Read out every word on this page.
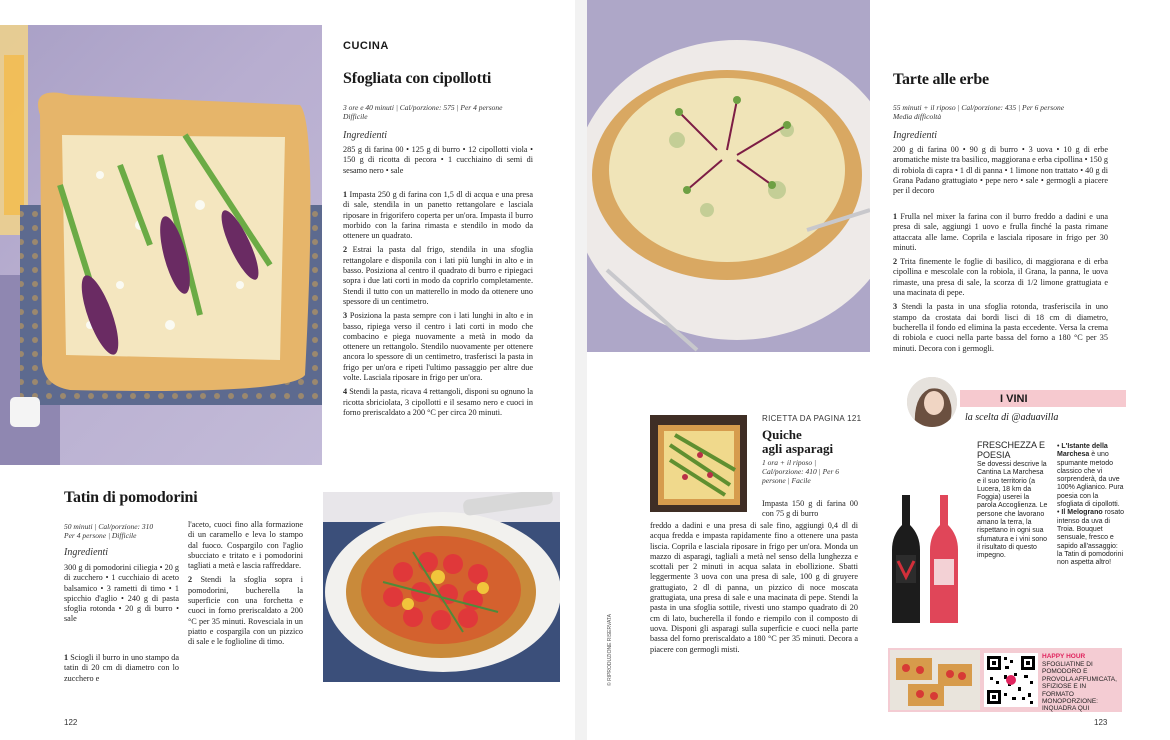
CUCINA
Sfogliata con cipollotti
3 ore e 40 minuti | Cal/porzione: 575 | Per 4 persone
Difficile
Ingredienti
285 g di farina 00 • 125 g di burro • 12 cipollotti viola • 150 g di ricotta di pecora • 1 cucchiaino di semi di sesamo nero • sale

1 Impasta 250 g di farina con 1,5 dl di acqua e una presa di sale, stendila in un panetto rettangolare e lasciala riposare in frigorifero coperta per un'ora. Impasta il burro morbido con la farina rimasta e stendilo in modo da ottenere un quadrato.

2 Estrai la pasta dal frigo, stendila in una sfoglia rettangolare e disponila con i lati più lunghi in alto e in basso. Posiziona al centro il quadrato di burro e ripiegaci sopra i due lati corti in modo da coprirlo completamente. Stendi il tutto con un matterello in modo da ottenere uno spessore di un centimetro.

3 Posiziona la pasta sempre con i lati lunghi in alto e in basso, ripiega verso il centro i lati corti in modo che combacino e piega nuovamente a metà in modo da ottenere un rettangolo. Stendilo nuovamente per ottenere ancora lo spessore di un centimetro, trasferisci la pasta in frigo per un'ora e ripeti l'ultimo passaggio per altre due volte. Lasciala riposare in frigo per un'ora.

4 Stendi la pasta, ricava 4 rettangoli, disponi su ognuno la ricotta sbriciolata, 3 cipollotti e il sesamo nero e cuoci in forno preriscaldato a 200 °C per circa 20 minuti.

Tatin di pomodorini
50 minuti | Cal/porzione: 310
Per 4 persone | Difficile
Ingredienti
300 g di pomodorini ciliegia • 20 g di zucchero • 1 cucchiaio di aceto balsamico • 3 rametti di timo • 1 spicchio d'aglio • 240 g di pasta sfoglia rotonda • 20 g di burro • sale
1 Sciogli il burro in uno stampo da tatin di 20 cm di diametro con lo zucchero e

l'aceto, cuoci fino alla formazione di un caramello e leva lo stampo dal fuoco. Cospargilo con l'aglio sbucciato e tritato e i pomodorini tagliati a metà e lascia raffreddare.

2 Stendi la sfoglia sopra i pomodorini, bucherella la superficie con una forchetta e cuoci in forno preriscaldato a 200 °C per 35 minuti. Rovesciala in un piatto e cospargila con un pizzico di sale e le foglioline di timo.

122
Tarte alle erbe
55 minuti + il riposo | Cal/porzione: 435 | Per 6 persone
Media difficoltà
Ingredienti
200 g di farina 00 • 90 g di burro • 3 uova • 10 g di erbe aromatiche miste tra basilico, maggiorana e erba cipollina • 150 g di robiola di capra • 1 dl di panna • 1 limone non trattato • 40 g di Grana Padano grattugiato • pepe nero • sale • germogli a piacere per il decoro

1 Frulla nel mixer la farina con il burro freddo a dadini e una presa di sale, aggiungi 1 uovo e frulla finché la pasta rimane attaccata alle lame. Coprila e lasciala riposare in frigo per 30 minuti.

2 Trita finemente le foglie di basilico, di maggiorana e di erba cipollina e mescolale con la robiola, il Grana, la panna, le uova rimaste, una presa di sale, la scorza di 1/2 limone grattugiata e una macinata di pepe.

3 Stendi la pasta in una sfoglia rotonda, trasferiscila in uno stampo da crostata dai bordi lisci di 18 cm di diametro, bucherella il fondo ed elimina la pasta eccedente. Versa la crema di robiola e cuoci nella parte bassa del forno a 180 °C per 35 minuti. Decora con i germogli.

RICETTA DA PAGINA 121
Quiche
agli asparagi
1 ora + il riposo | Cal/porzione: 410 | Per 6 persone | Facile
Impasta 150 g di farina 00 con 75 g di burro
freddo a dadini e una presa di sale fino, aggiungi 0,4 dl di acqua fredda e impasta rapidamente fino a ottenere una pasta liscia. Coprila e lasciala riposare in frigo per un'ora. Monda un mazzo di asparagi, tagliali a metà nel senso della lunghezza e scottali per 2 minuti in acqua salata in ebollizione. Sbatti leggermente 3 uova con una presa di sale, 100 g di gruyere grattugiato, 2 dl di panna, un pizzico di noce moscata grattugiata, una presa di sale e una macinata di pepe. Stendi la pasta in una sfoglia sottile, rivesti uno stampo quadrato di 20 cm di lato, bucherella il fondo e riempilo con il composto di uova. Disponi gli asparagi sulla superficie e cuoci nella parte bassa del forno preriscaldato a 180 °C per 35 minuti. Decora a piacere con germogli misti.
© RIPRODUZIONE RISERVATA
I VINI
la scelta di @aduavilla
FRESCHEZZA E POESIA
Se dovessi descrive la Cantina La Marchesa e il suo territorio (a Lucera, 18 km da Foggia) userei la parola Accoglienza. Le persone che lavorano amano la terra, la rispettano in ogni sua sfumatura e i vini sono il risultato di questo impegno.
• L'Istante della Marchesa è uno spumante metodo classico che vi sorprenderà, da uve 100% Aglianico. Pura poesia con la sfogliata di cipollotti.
• Il Melograno rosato intenso da uva di Troia. Bouquet sensuale, fresco e sapido all'assaggio: la Tatin di pomodorini non aspetta altro!
HAPPY HOUR
SFOGLIATINE DI POMODORO E PROVOLA AFFUMICATA, SFIZIOSE E IN FORMATO MONOPORZIONE: INQUADRA QUI
123
